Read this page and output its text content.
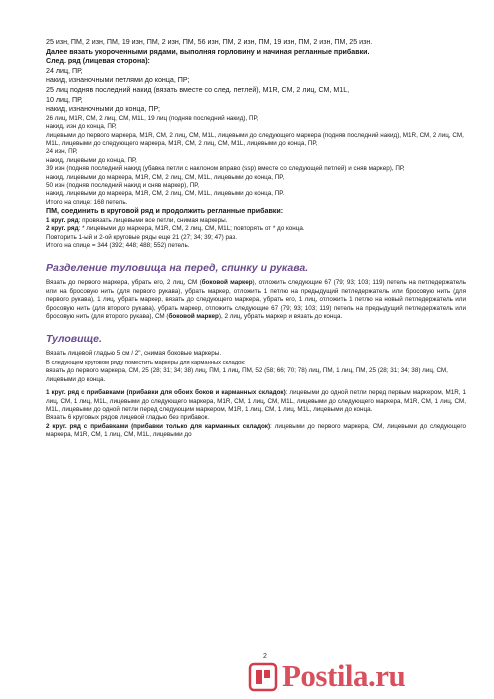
25 изн, ПМ, 2 изн, ПМ, 19 изн, ПМ, 2 изн, ПМ, 56 изн, ПМ, 2 изн, ПМ, 19 изн, ПМ, 2 изн, ПМ, 25 изн.

Далее вязать укороченными рядами, выполняя горловину и начиная регланные прибавки.

След. ряд (лицевая сторона):

24 лиц, ПР,

накид, изнаночными петлями до конца, ПР;

25 лиц подняв последний накид (вязать вместе со след. петлей), M1R, СМ, 2 лиц, СМ, M1L,

10 лиц, ПР,

накид, изнаночными до конца, ПР;

26 лиц, M1R, СМ, 2 лиц, СМ, M1L, 19 лиц (подняв последний накид), ПР,

накид, изн до конца, ПР,

лицевыми до первого маркера, M1R, СМ, 2 лиц, СМ, M1L, лицевыми до следующего маркера (подняв последний накид), M1R, СМ, 2 лиц, СМ, M1L, лицевыми до следующего маркера, M1R, СМ, 2 лиц, СМ, M1L, лицевыми до конца, ПР,

24 изн, ПР,

накид, лицевыми до конца, ПР,

39 изн (подняв последний накид (убавка петли с наклоном вправо (ssp) вместе со следующей петлей) и сняв маркер), ПР,

накид, лицевыми до маркера, M1R, СМ, 2 лиц, СМ, M1L, лицевыми до конца, ПР,

50 изн (подняв последний накид и сняв маркер), ПР,

накид, лицевыми до маркера, M1R, СМ, 2 лиц, СМ, M1L, лицевыми до конца, ПР.

Итого на спице: 168 петель.

ПМ, соединить в круговой ряд и продолжить регланные прибавки:

1 круг. ряд: провязать лицевыми все петли, снимая маркеры.

2 круг. ряд: * лицевыми до маркера, M1R, СМ, 2 лиц, СМ, M1L; повторять от * до конца.

Повторить 1-ый и 2-ой круговые ряды еще 21 (27; 34; 39; 47) раз.

Итого на спице = 344 (392; 448; 488; 552) петель.

Разделение туловища на перед, спинку и рукава.

Вязать до первого маркера, убрать его, 2 лиц, СМ (боковой маркер), отложить следующие 67 (79; 93; 103; 119) петель на петледержатель или на бросовую нить (для первого рукава), убрать маркер, отложить 1 петлю на предыдущий петледержатель или бросовую нить (для первого рукава), 1 лиц, убрать маркер, вязать до следующего маркера, убрать его, 1 лиц, отложить 1 петлю на новый петледержатель или бросовую нить (для второго рукава), убрать маркер, отложить следующие 67 (79; 93; 103; 119) петель на предыдущий петледержатель или бросовую нить (для второго рукава), СМ (боковой маркер), 2 лиц, убрать маркер и вязать до конца.

Туловище.

Вязать лицевой гладью 5 см / 2", снимая боковые маркеры.

В следующем круговом ряду поместить маркеры для карманных складок:

вязать до первого маркера, СМ, 25 (28; 31; 34; 38) лиц, ПМ, 1 лиц, ПМ, 52 (58; 66; 70; 78) лиц, ПМ, 1 лиц, ПМ, 25 (28; 31; 34; 38) лиц, СМ, лицевыми до конца.

1 круг. ряд с прибавками (прибавки для обоих боков и карманных складок): лицевыми до одной петли перед первым маркером, M1R, 1 лиц, СМ, 1 лиц, M1L, лицевыми до следующего маркера, M1R, СМ, 1 лиц, СМ, M1L, лицевыми до следующего маркера, M1R, СМ, 1 лиц, СМ, M1L, лицевыми до одной петли перед следующим маркером, M1R, 1 лиц, СМ, 1 лиц, M1L, лицевыми до конца.

Вязать 6 круговых рядов лицевой гладью без прибавок.

2 круг. ряд с прибавками (прибавки только для карманных складок): лицевыми до первого маркера, СМ, лицевыми до следующего маркера, M1R, СМ, 1 лиц, СМ, M1L, лицевыми до

2
Postila.ru
